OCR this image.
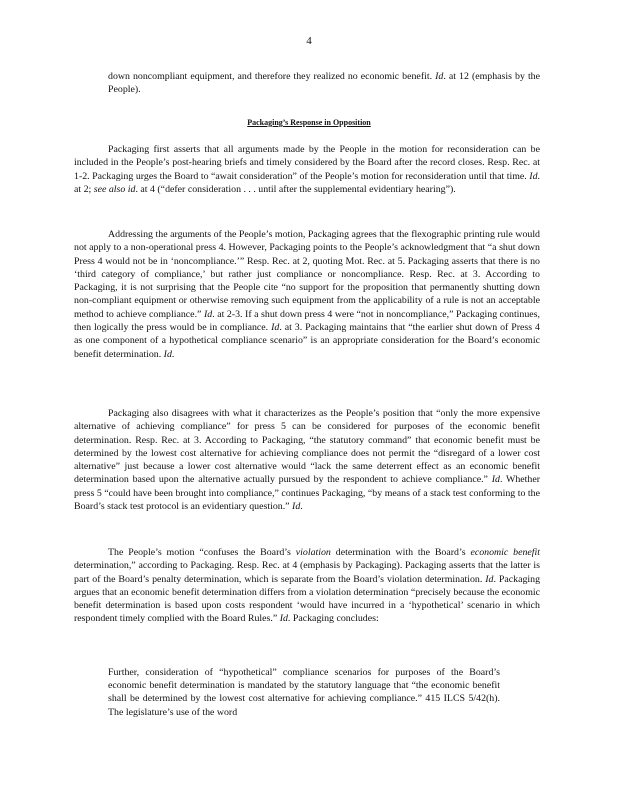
4

down noncompliant equipment, and therefore they realized no economic benefit. Id. at 12 (emphasis by the People).

Packaging’s Response in Opposition

Packaging first asserts that all arguments made by the People in the motion for reconsideration can be included in the People’s post-hearing briefs and timely considered by the Board after the record closes. Resp. Rec. at 1-2. Packaging urges the Board to “await consideration” of the People’s motion for reconsideration until that time. Id. at 2; see also id. at 4 (“defer consideration . . . until after the supplemental evidentiary hearing”).

Addressing the arguments of the People’s motion, Packaging agrees that the flexographic printing rule would not apply to a non-operational press 4. However, Packaging points to the People’s acknowledgment that “a shut down Press 4 would not be in ‘noncompliance.’” Resp. Rec. at 2, quoting Mot. Rec. at 5. Packaging asserts that there is no ‘third category of compliance,’ but rather just compliance or noncompliance. Resp. Rec. at 3. According to Packaging, it is not surprising that the People cite “no support for the proposition that permanently shutting down non-compliant equipment or otherwise removing such equipment from the applicability of a rule is not an acceptable method to achieve compliance.” Id. at 2-3. If a shut down press 4 were “not in noncompliance,” Packaging continues, then logically the press would be in compliance. Id. at 3. Packaging maintains that “the earlier shut down of Press 4 as one component of a hypothetical compliance scenario” is an appropriate consideration for the Board’s economic benefit determination. Id.

Packaging also disagrees with what it characterizes as the People’s position that “only the more expensive alternative of achieving compliance” for press 5 can be considered for purposes of the economic benefit determination. Resp. Rec. at 3. According to Packaging, “the statutory command” that economic benefit must be determined by the lowest cost alternative for achieving compliance does not permit the “disregard of a lower cost alternative” just because a lower cost alternative would “lack the same deterrent effect as an economic benefit determination based upon the alternative actually pursued by the respondent to achieve compliance.” Id. Whether press 5 “could have been brought into compliance,” continues Packaging, “by means of a stack test conforming to the Board’s stack test protocol is an evidentiary question.” Id.

The People’s motion “confuses the Board’s violation determination with the Board’s economic benefit determination,” according to Packaging. Resp. Rec. at 4 (emphasis by Packaging). Packaging asserts that the latter is part of the Board’s penalty determination, which is separate from the Board’s violation determination. Id. Packaging argues that an economic benefit determination differs from a violation determination “precisely because the economic benefit determination is based upon costs respondent ‘would have incurred in a ‘hypothetical’ scenario in which respondent timely complied with the Board Rules.” Id. Packaging concludes:

Further, consideration of “hypothetical” compliance scenarios for purposes of the Board’s economic benefit determination is mandated by the statutory language that “the economic benefit shall be determined by the lowest cost alternative for achieving compliance.” 415 ILCS 5/42(h). The legislature’s use of the word
